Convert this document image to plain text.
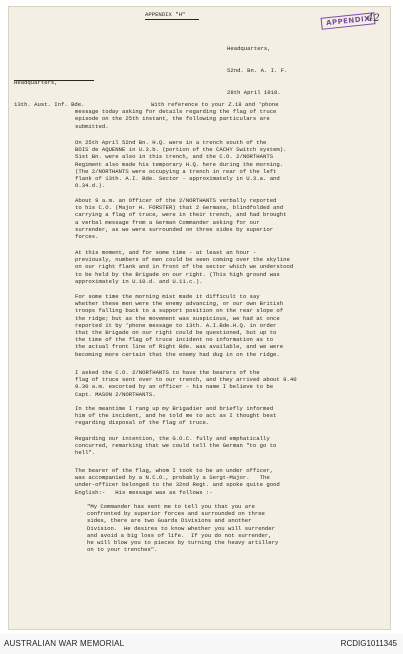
APPENDIX
42
APPENDIX "H"

Headquarters,

52nd. Bn. A. I. F.

28th April 1918.

Headquarters,

13th. Aust. Inf. Bde.

	With reference to your Z.18 and 'phone
message today asking for details regarding the flag of truce
episode on the 25th instant, the following particulars are
submitted.
On 25th April 52nd Bn. H.Q. were in a trench south of the
BOIS de AQUENNE in U.3.b. (portion of the CACHY Switch system).
51st Bn. were also in this trench, and the C.O. 2/NORTHANTS
Regiment also made his temporary H.Q. here during the morning.
(The 2/NORTHANTS were occupying a trench in rear of the left
flank of 13th. A.I. Bde. Sector - approximately in U.3.a. and
O.34.d.).
About 9 a.m. an Officer of the 2/NORTHANTS verbally reported
to his C.O. (Major H. FORSTER) that 2 Germans, blindfolded and
carrying a flag of truce, were in their trench, and had brought
a verbal message from a German Commander asking for our
surrender, as we were surrounded on three sides by superior
forces.
At this moment, and for some time - at least an hour -
previously, numbers of men could be seen coming over the skyline
on our right flank and in front of the sector which we understood
to be held by the Brigade on our right. (This high ground was
approximately in U.10.d. and U.11.c.).
For some time the morning mist made it difficult to say
whether these men were the enemy advancing, or our own British
troops falling back to a support position on the rear slope of
the ridge; but as the movement was suspicious, we had at once
reported it by 'phone message to 13th. A.I.Bde.H.Q. in order
that the Brigade on our right could be questioned, but up to
the time of the flag of truce incident no information as to
the actual front line of Right Bde. was available, and we were
becoming more certain that the enemy had dug in on the ridge.
I asked the C.O. 2/NORTHANTS to have the bearers of the
flag of truce sent over to our trench, and they arrived about 9.40
9.30 a.m. escorted by an officer - his name I believe to be
Capt. MASON 2/NORTHANTS.
In the meantime I rang up my Brigadier and briefly informed
him of the incident, and he told me to act as I thought best
regarding disposal of the flag of truce.
Regarding our intention, the G.O.C. fully and emphatically
concurred, remarking that we could tell the German "to go to
hell".
The bearer of the flag, whom I took to be an under officer,
was accompanied by a N.C.O., probably a Sergt-Major.   The
under-officer belonged to the 32nd Regt. and spoke quite good
English:-   His message was as follows :-
"My Commander has sent me to tell you that you are
confronted by superior forces and surrounded on three
sides, there are two Guards Divisions and another
Division.  He desires to know whether you will surrender
and avoid a big loss of life.  If you do not surrender,
he will blow you to pieces by turning the heavy artillery
on to your trenches".
AUSTRALIAN WAR MEMORIAL	RCDIG1011345
